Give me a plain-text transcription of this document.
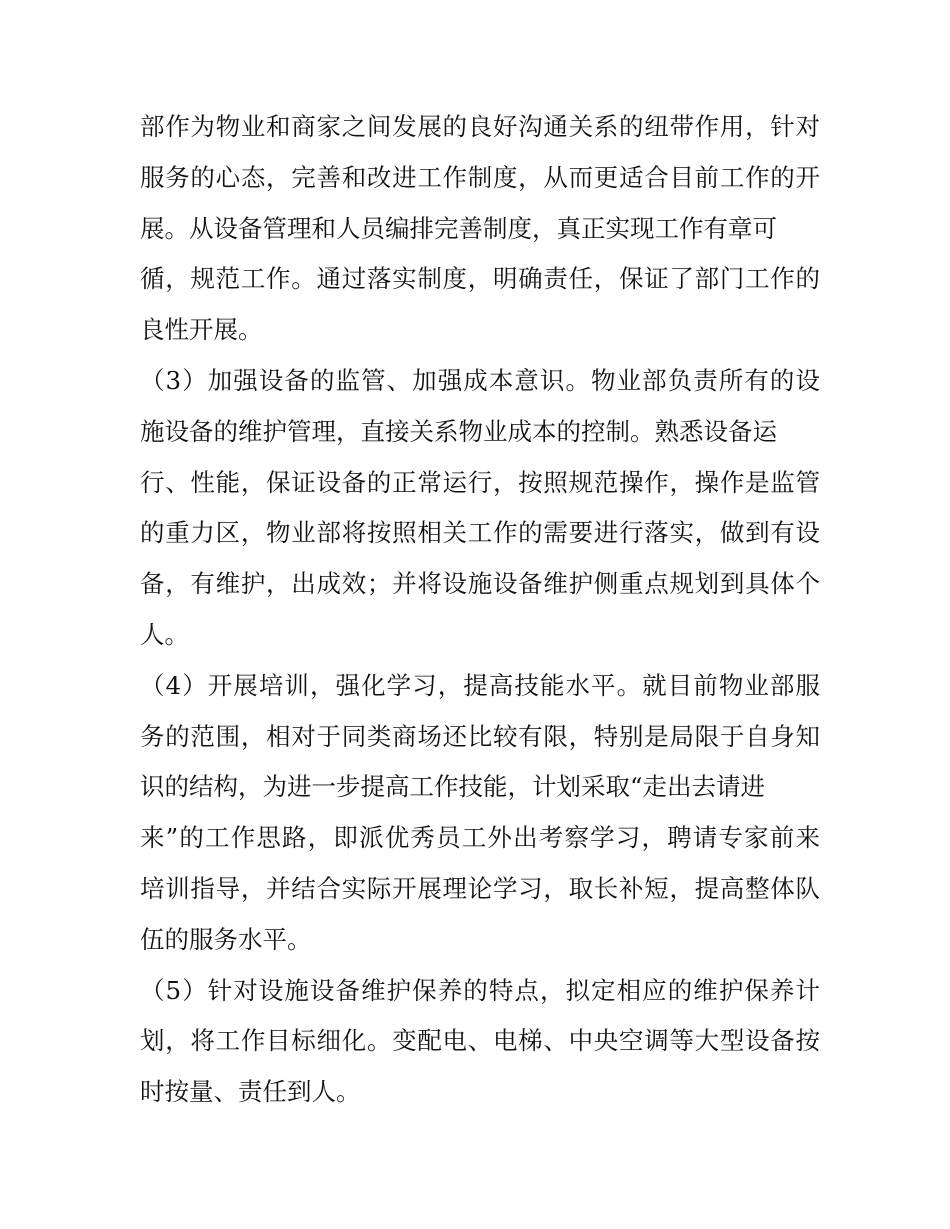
部作为物业和商家之间发展的良好沟通关系的纽带作用，针对
服务的心态，完善和改进工作制度，从而更适合目前工作的开
展。从设备管理和人员编排完善制度，真正实现工作有章可
循，规范工作。通过落实制度，明确责任，保证了部门工作的
良性开展。
（3）加强设备的监管、加强成本意识。物业部负责所有的设
施设备的维护管理，直接关系物业成本的控制。熟悉设备运
行、性能，保证设备的正常运行，按照规范操作，操作是监管
的重力区，物业部将按照相关工作的需要进行落实，做到有设
备，有维护，出成效；并将设施设备维护侧重点规划到具体个
人。
（4）开展培训，强化学习，提高技能水平。就目前物业部服
务的范围，相对于同类商场还比较有限，特别是局限于自身知
识的结构，为进一步提高工作技能，计划采取“走出去请进
来”的工作思路，即派优秀员工外出考察学习，聘请专家前来
培训指导，并结合实际开展理论学习，取长补短，提高整体队
伍的服务水平。
（5）针对设施设备维护保养的特点，拟定相应的维护保养计
划，将工作目标细化。变配电、电梯、中央空调等大型设备按
时按量、责任到人。
